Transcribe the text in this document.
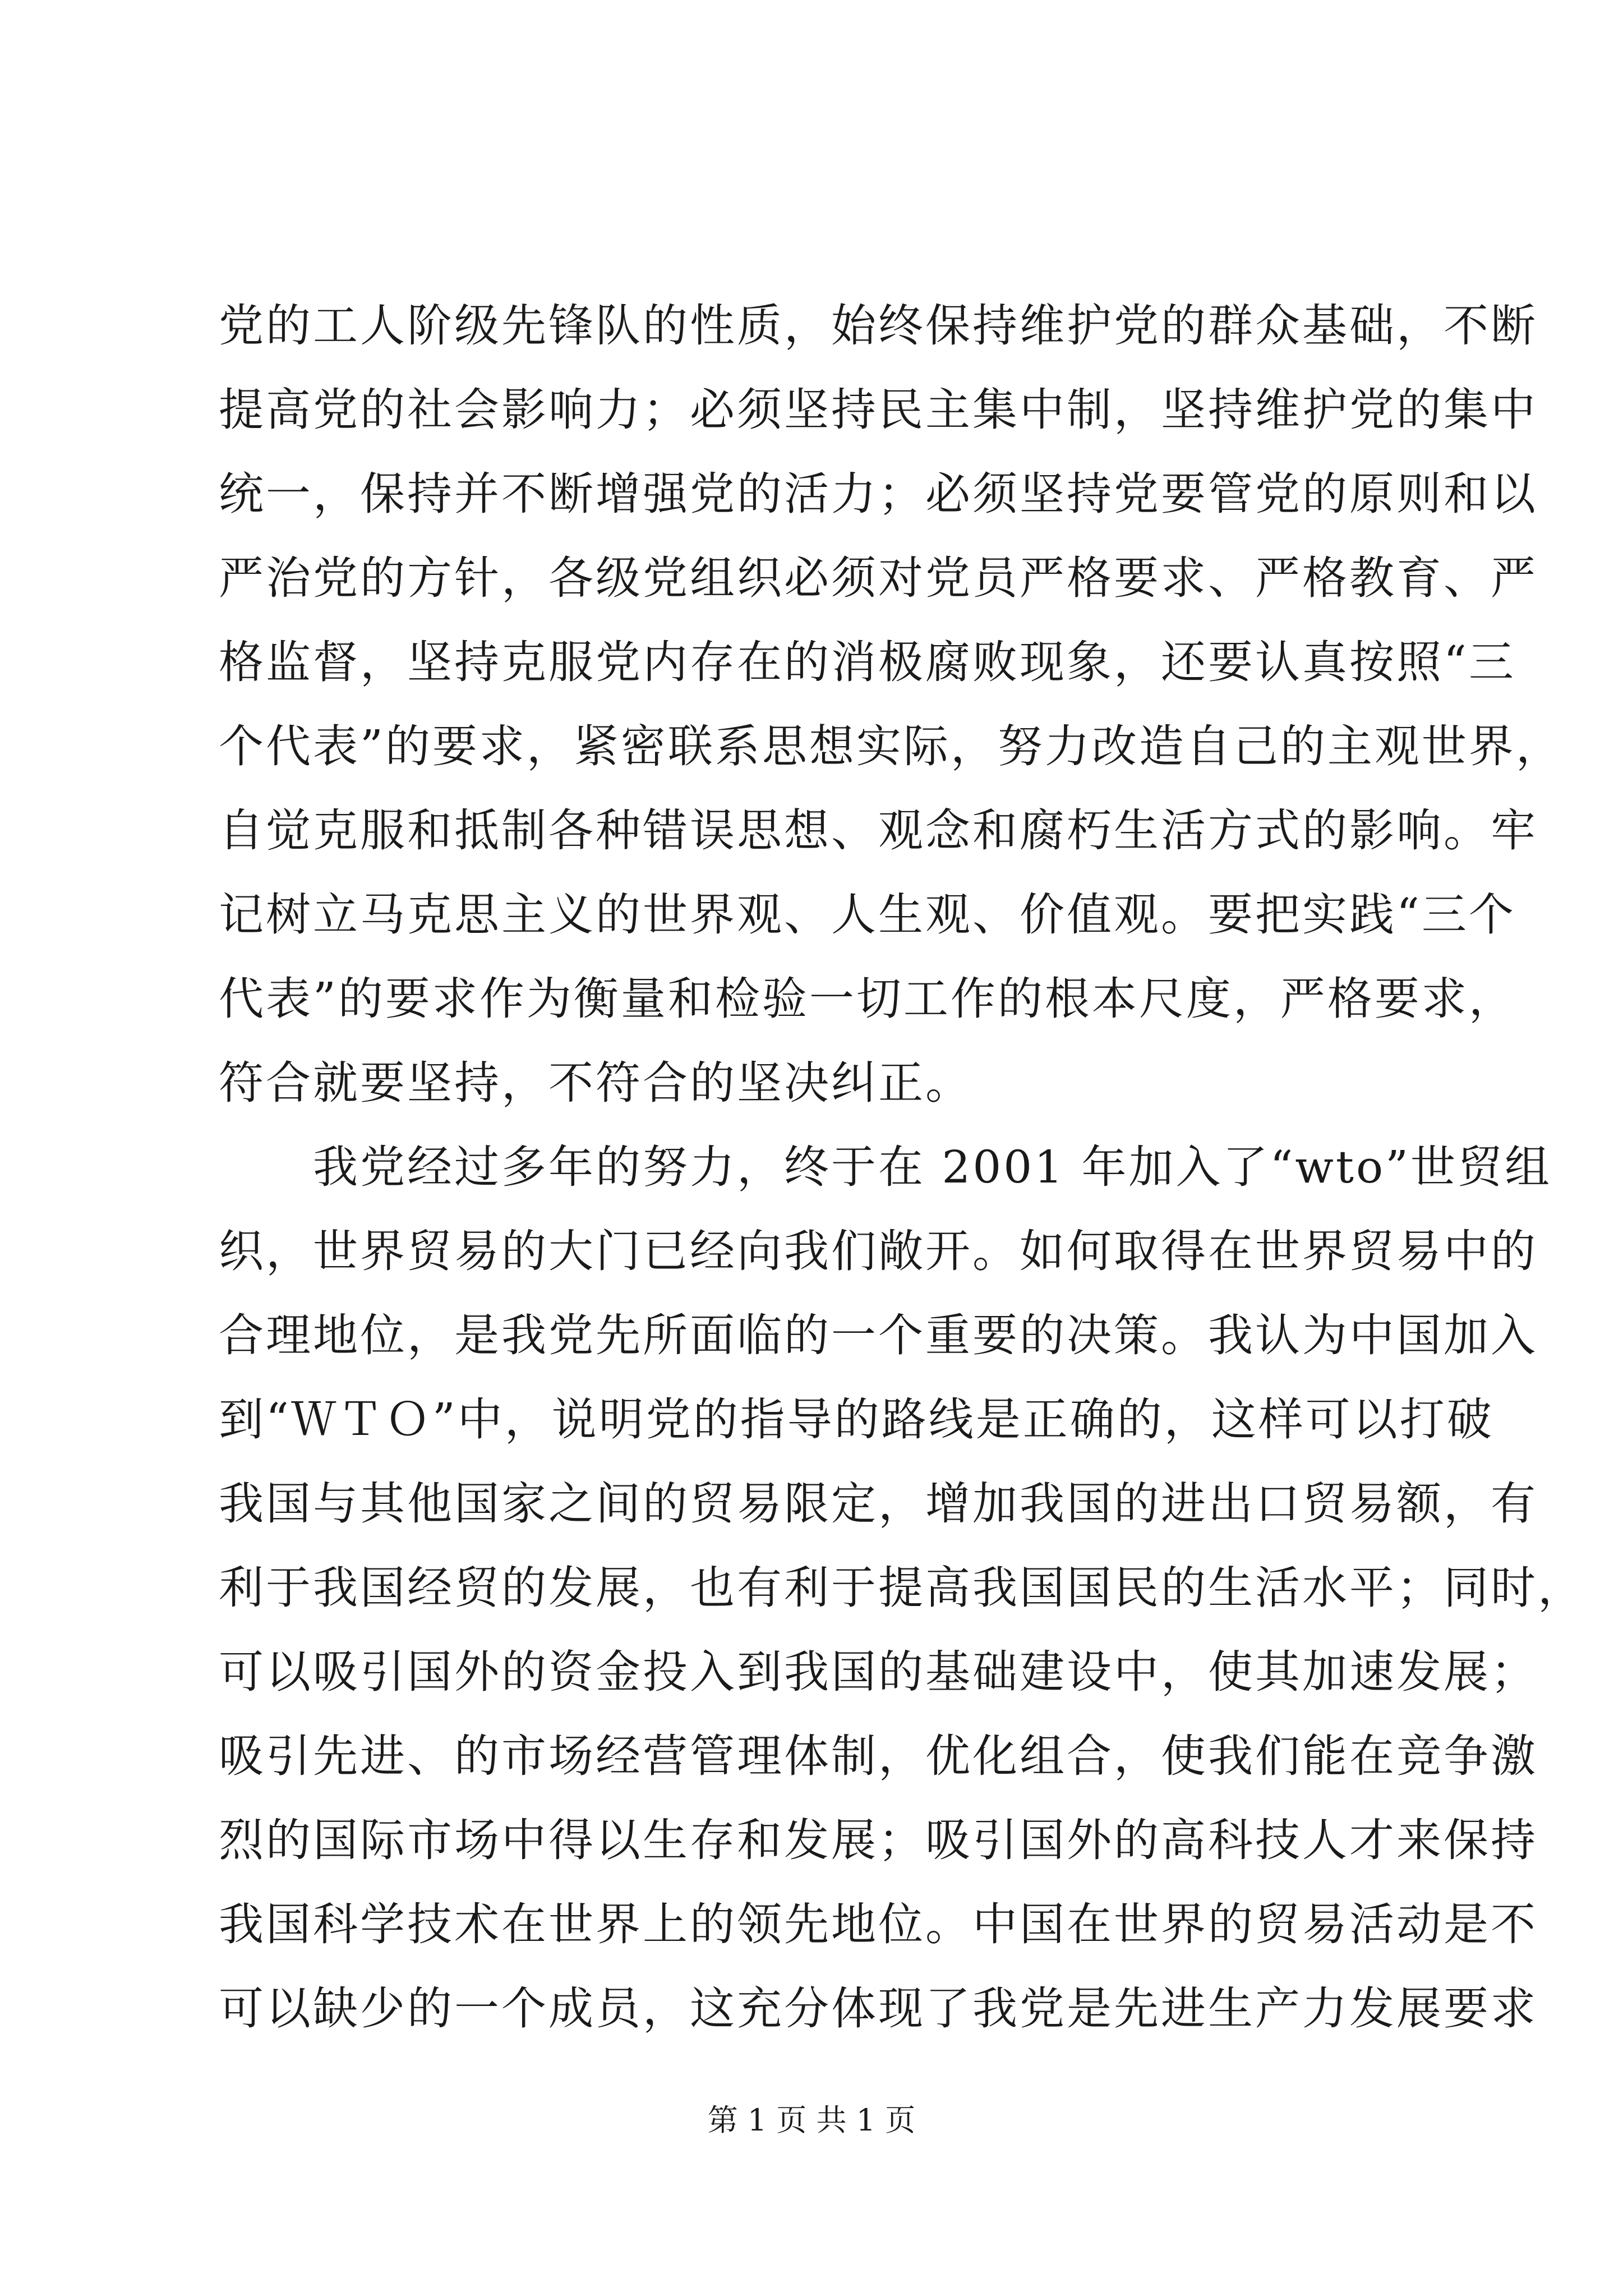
党的工人阶级先锋队的性质，始终保持维护党的群众基础，不断
提高党的社会影响力；必须坚持民主集中制，坚持维护党的集中
统一，保持并不断增强党的活力；必须坚持党要管党的原则和以
严治党的方针，各级党组织必须对党员严格要求、严格教育、严
格监督，坚持克服党内存在的消极腐败现象，还要认真按照“三
个代表”的要求，紧密联系思想实际，努力改造自己的主观世界，
自觉克服和抵制各种错误思想、观念和腐朽生活方式的影响。牢
记树立马克思主义的世界观、人生观、价值观。要把实践“三个
代表”的要求作为衡量和检验一切工作的根本尺度，严格要求，
符合就要坚持，不符合的坚决纠正。
　　我党经过多年的努力，终于在 2001 年加入了“wto”世贸组
织，世界贸易的大门已经向我们敞开。如何取得在世界贸易中的
合理地位，是我党先所面临的一个重要的决策。我认为中国加入
到“ＷＴＯ”中，说明党的指导的路线是正确的，这样可以打破
我国与其他国家之间的贸易限定，增加我国的进出口贸易额，有
利于我国经贸的发展，也有利于提高我国国民的生活水平；同时，
可以吸引国外的资金投入到我国的基础建设中，使其加速发展；
吸引先进、的市场经营管理体制，优化组合，使我们能在竞争激
烈的国际市场中得以生存和发展；吸引国外的高科技人才来保持
我国科学技术在世界上的领先地位。中国在世界的贸易活动是不
可以缺少的一个成员，这充分体现了我党是先进生产力发展要求
第 1 页 共 1 页
